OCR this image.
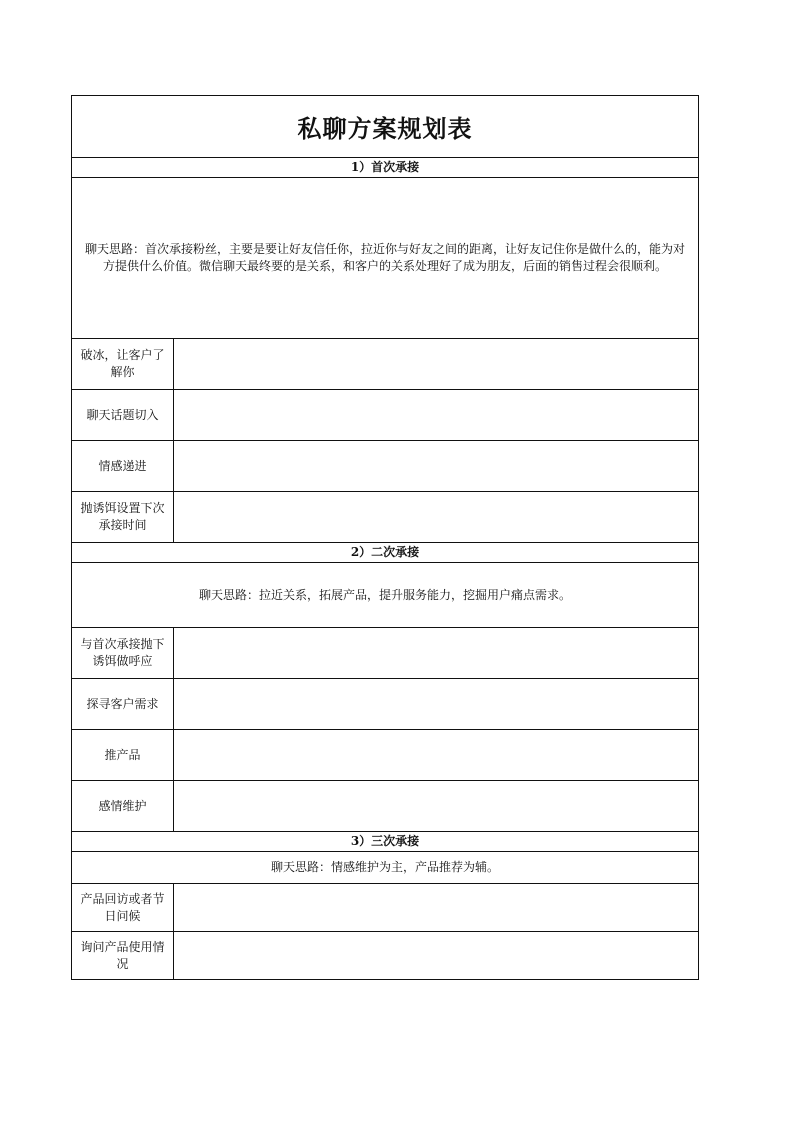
私聊方案规划表	
1）首次承接	
聊天思路：首次承接粉丝，主要是要让好友信任你，拉近你与好友之间的距离，让好友记住你是做什么的，能为对方提供什么价值。微信聊天最终要的是关系，和客户的关系处理好了成为朋友，后面的销售过程会很顺利。	
破冰，让客户了解你	
聊天话题切入	
情感递进	
抛诱饵设置下次承接时间	
2）二次承接	
聊天思路：拉近关系，拓展产品，提升服务能力，挖掘用户痛点需求。	
与首次承接抛下诱饵做呼应	
探寻客户需求	
推产品	
感情维护	
3）三次承接	
聊天思路：情感维护为主，产品推荐为辅。	
产品回访或者节日问候	
询问产品使用情况	
